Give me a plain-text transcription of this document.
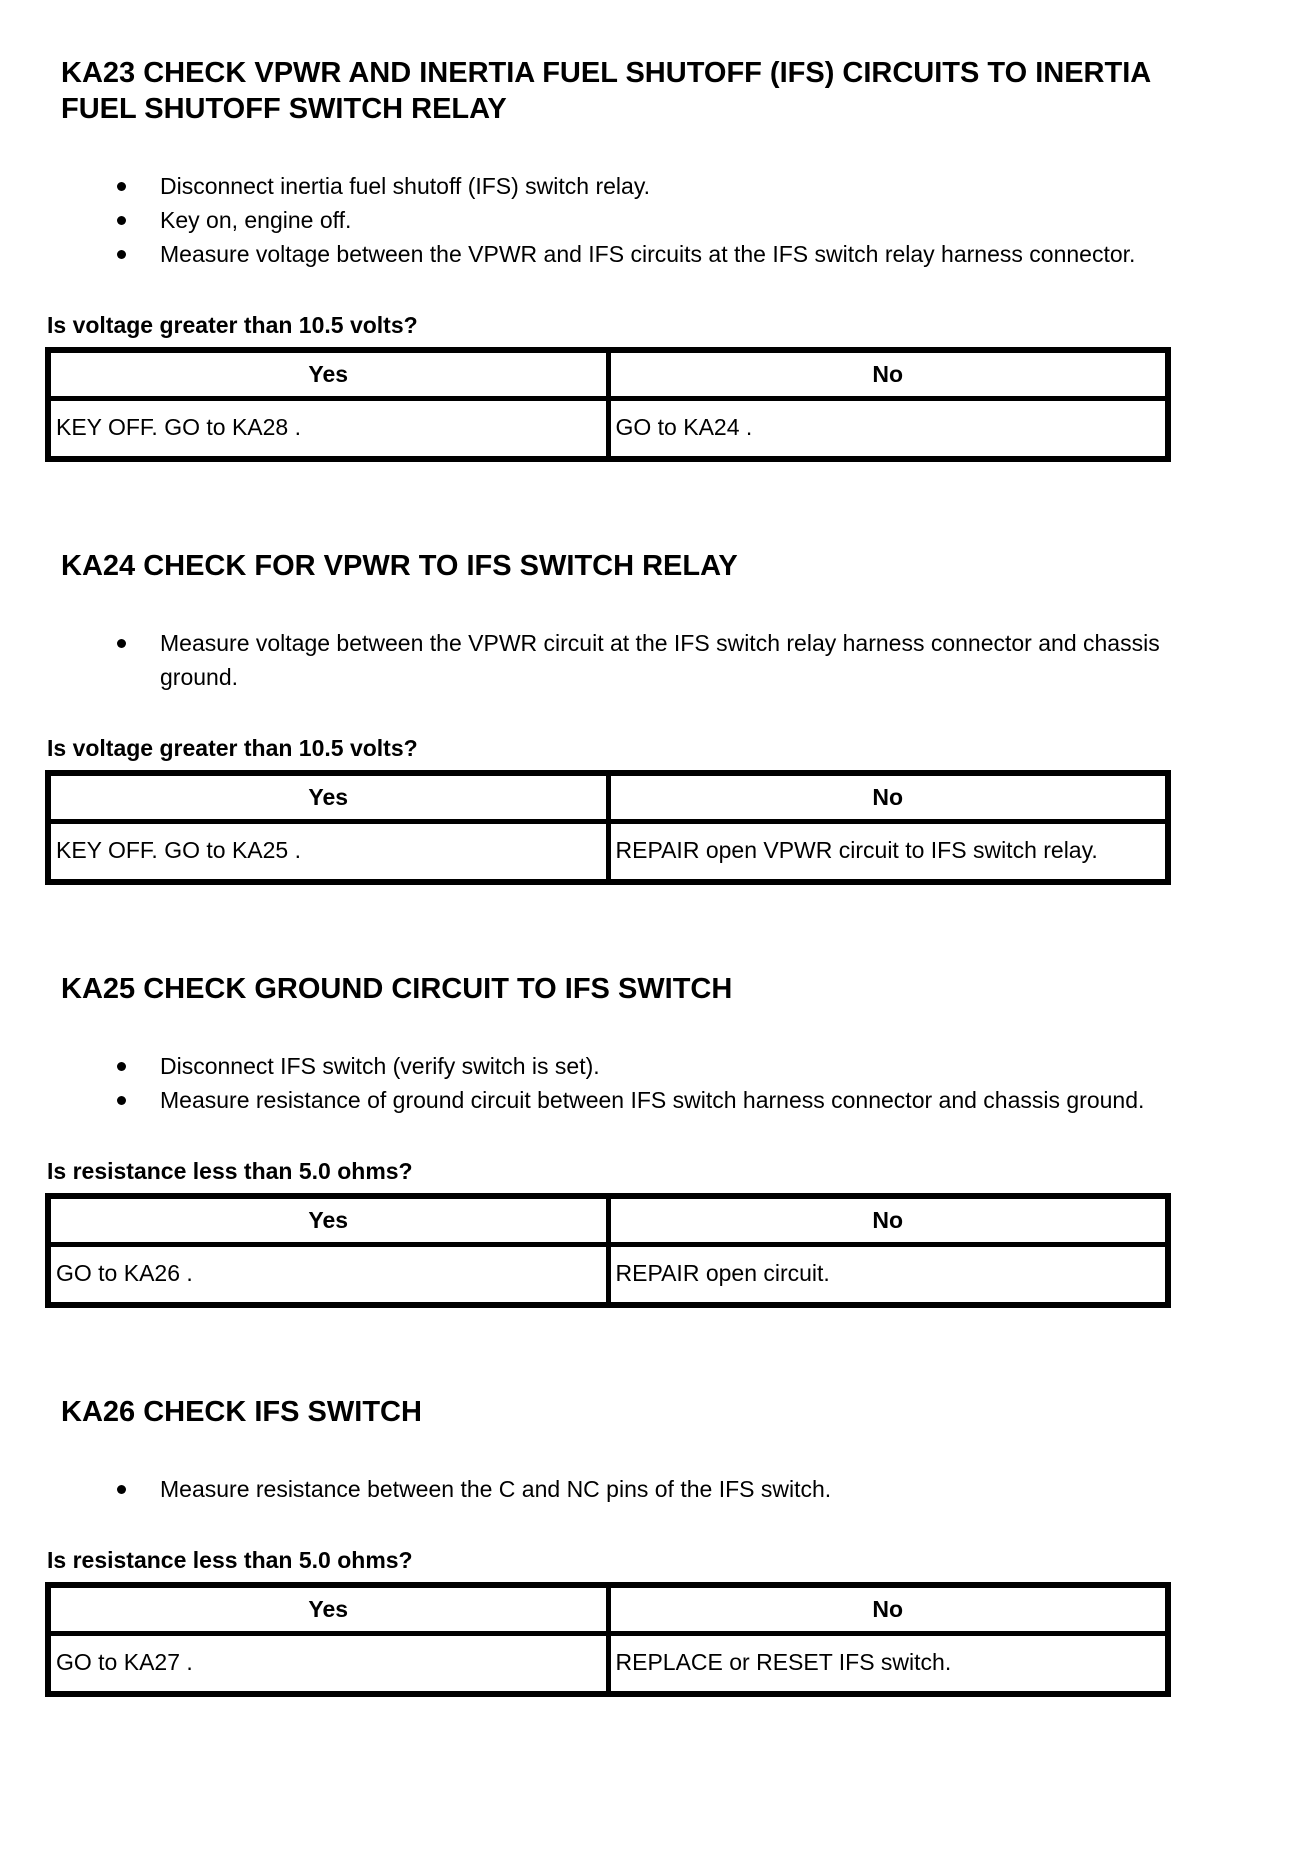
KA23 CHECK VPWR AND INERTIA FUEL SHUTOFF (IFS) CIRCUITS TO INERTIA FUEL SHUTOFF SWITCH RELAY
Disconnect inertia fuel shutoff (IFS) switch relay.
Key on, engine off.
Measure voltage between the VPWR and IFS circuits at the IFS switch relay harness connector.

Is voltage greater than 10.5 volts?

Yes	No
KEY OFF. GO to KA28 .	GO to KA24 .
KA24 CHECK FOR VPWR TO IFS SWITCH RELAY
Measure voltage between the VPWR circuit at the IFS switch relay harness connector and chassis ground.

Is voltage greater than 10.5 volts?

Yes	No
KEY OFF. GO to KA25 .	REPAIR open VPWR circuit to IFS switch relay.
KA25 CHECK GROUND CIRCUIT TO IFS SWITCH
Disconnect IFS switch (verify switch is set).
Measure resistance of ground circuit between IFS switch harness connector and chassis ground.

Is resistance less than 5.0 ohms?

Yes	No
GO to KA26 .	REPAIR open circuit.
KA26 CHECK IFS SWITCH
Measure resistance between the C and NC pins of the IFS switch.

Is resistance less than 5.0 ohms?

Yes	No
GO to KA27 .	REPLACE or RESET IFS switch.
